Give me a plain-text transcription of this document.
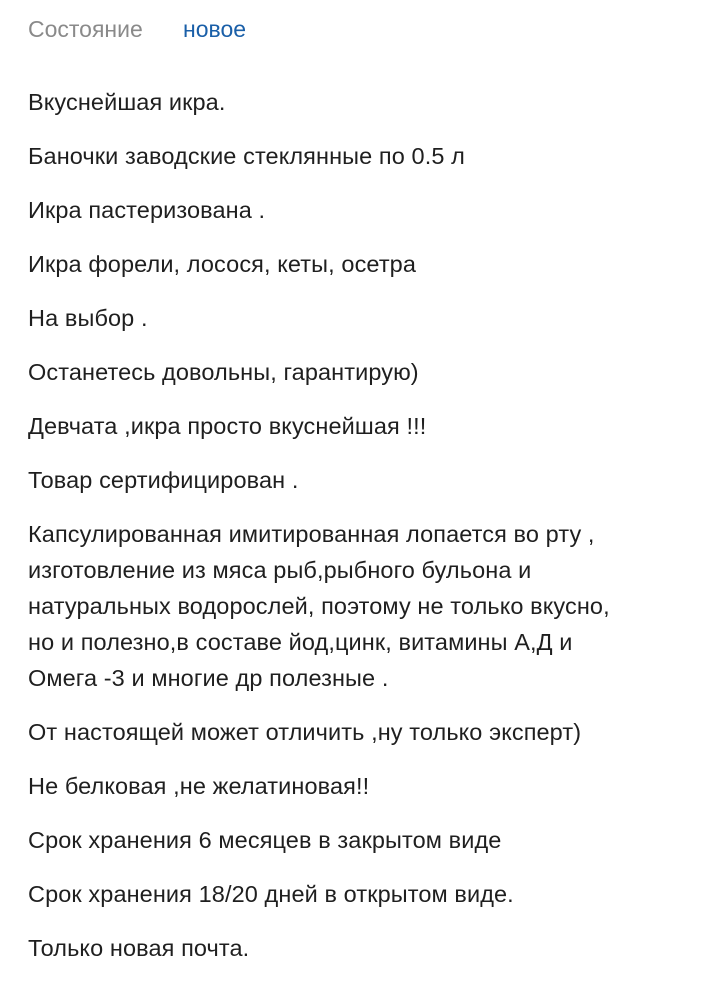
Состояние	новое

Вкуснейшая икра.

Баночки заводские стеклянные по 0.5 л

Икра пастеризована .

Икра форели, лосося, кеты, осетра

На выбор .

Останетесь довольны, гарантирую)

Девчата ,икра просто вкуснейшая !!!

Товар сертифицирован .

Капсулированная имитированная лопается во рту ,
изготовление из мяса рыб,рыбного бульона и
натуральных водорослей, поэтому не только вкусно,
но и полезно,в составе йод,цинк, витамины А,Д и
Омега -3 и многие др полезные .

От настоящей может отличить ,ну только эксперт)

Не белковая ,не желатиновая!!

Срок хранения 6 месяцев в закрытом виде

Срок хранения 18/20 дней в открытом виде.

Только новая почта.
